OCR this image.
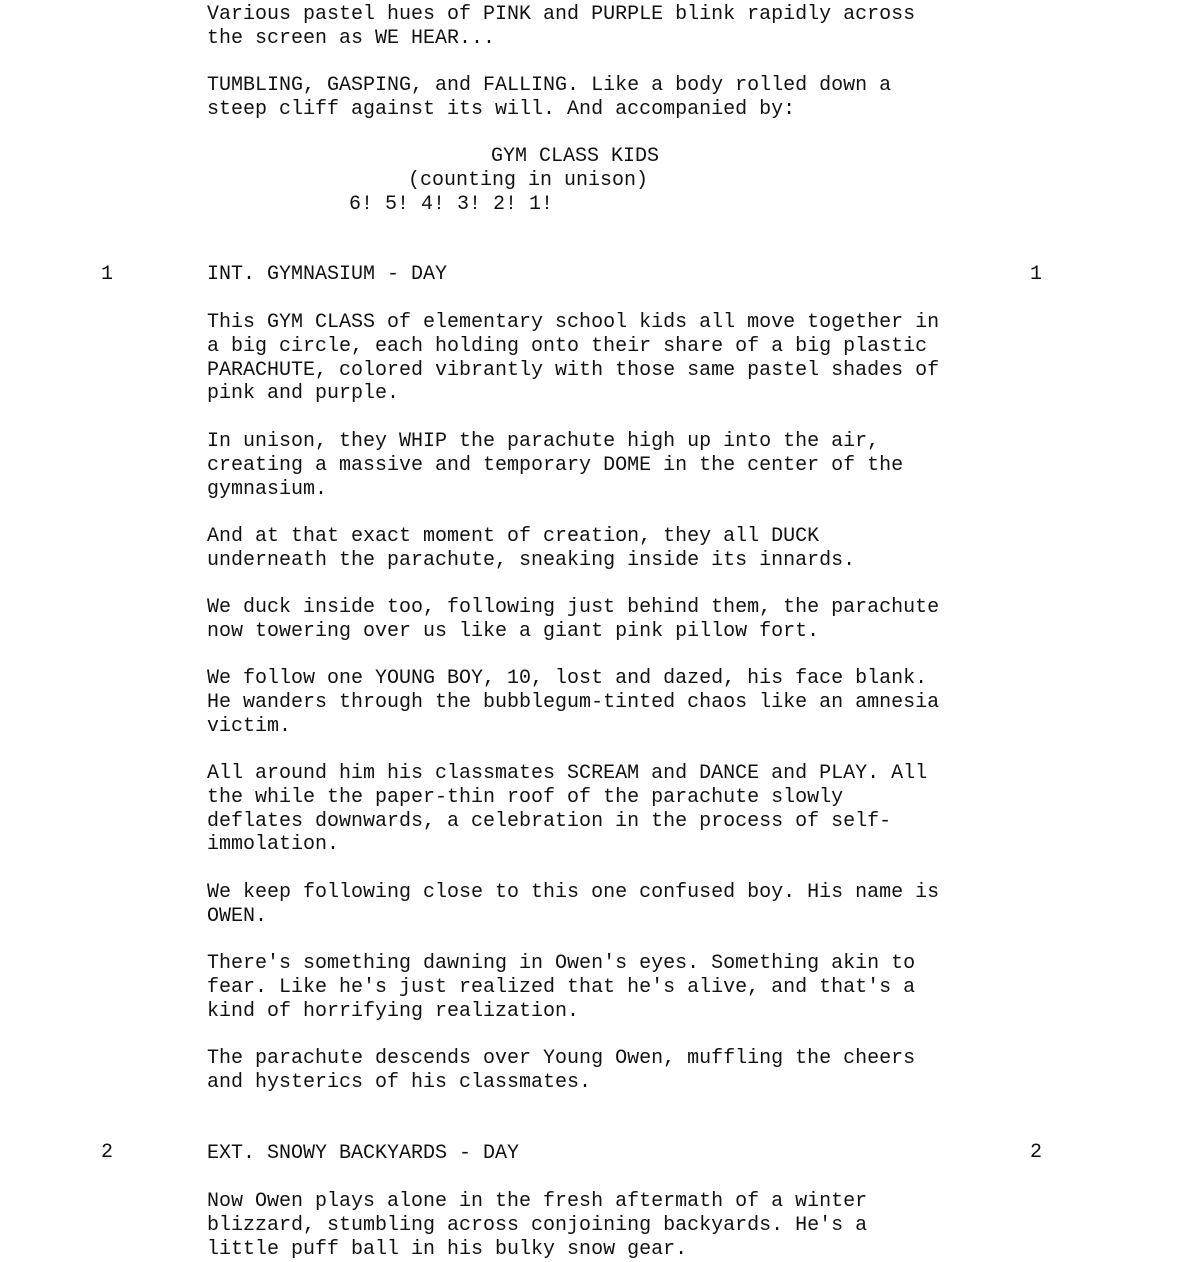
Various pastel hues of PINK and PURPLE blink rapidly across
the screen as WE HEAR...

TUMBLING, GASPING, and FALLING. Like a body rolled down a
steep cliff against its will. And accompanied by:

GYM CLASS KIDS

(counting in unison)

6! 5! 4! 3! 2! 1!

1	INT. GYMNASIUM - DAY	1

This GYM CLASS of elementary school kids all move together in
a big circle, each holding onto their share of a big plastic
PARACHUTE, colored vibrantly with those same pastel shades of
pink and purple.

In unison, they WHIP the parachute high up into the air,
creating a massive and temporary DOME in the center of the
gymnasium.

And at that exact moment of creation, they all DUCK
underneath the parachute, sneaking inside its innards.

We duck inside too, following just behind them, the parachute
now towering over us like a giant pink pillow fort.

We follow one YOUNG BOY, 10, lost and dazed, his face blank.
He wanders through the bubblegum-tinted chaos like an amnesia
victim.

All around him his classmates SCREAM and DANCE and PLAY. All
the while the paper-thin roof of the parachute slowly
deflates downwards, a celebration in the process of self-
immolation.

We keep following close to this one confused boy. His name is
OWEN.

There's something dawning in Owen's eyes. Something akin to
fear. Like he's just realized that he's alive, and that's a
kind of horrifying realization.

The parachute descends over Young Owen, muffling the cheers
and hysterics of his classmates.

2	EXT. SNOWY BACKYARDS - DAY	2

Now Owen plays alone in the fresh aftermath of a winter
blizzard, stumbling across conjoining backyards. He's a
little puff ball in his bulky snow gear.
